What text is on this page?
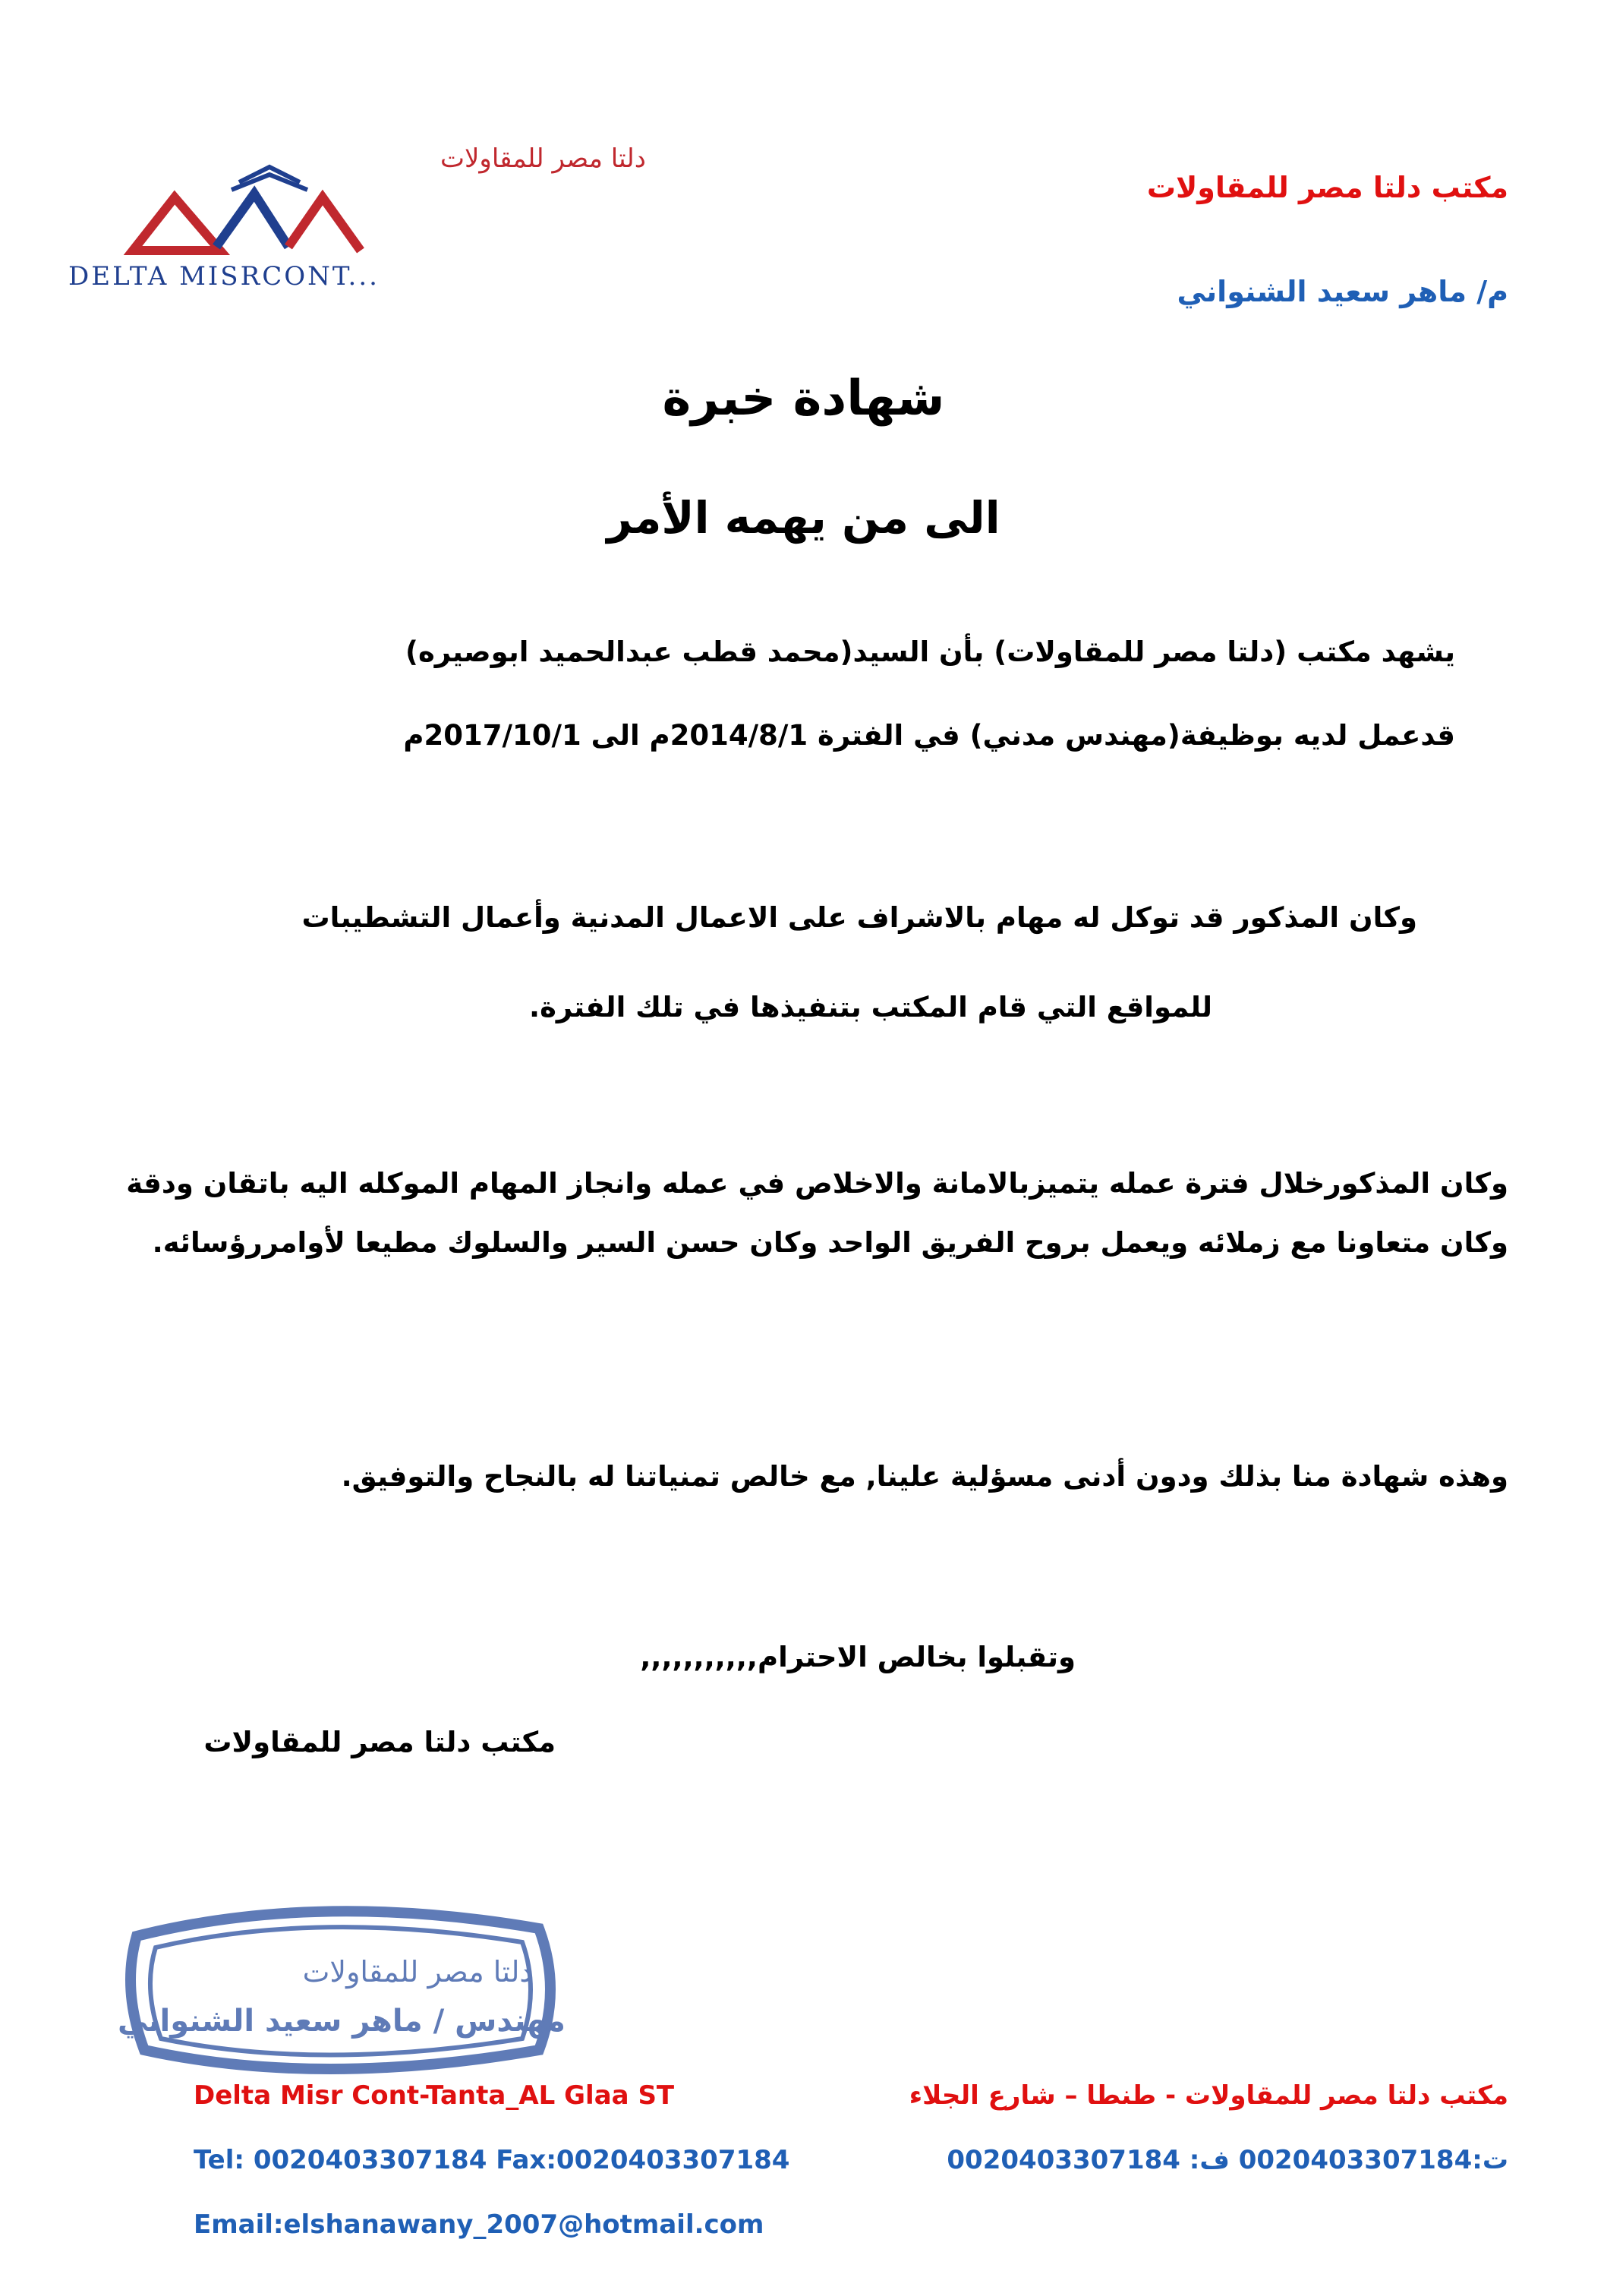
دلتا مصر للمقاولات
DELTA MISRCONT...
مكتب دلتا مصر للمقاولات
م/ ماهر سعيد الشنواني
شهادة خبرة
الى من يهمه الأمر
يشهد مكتب (دلتا مصر للمقاولات) بأن السيد(محمد قطب عبدالحميد ابوصيره)
قدعمل لديه بوظيفة(مهندس مدني) في الفترة 2014/8/1م الى 2017/10/1م
وكان المذكور قد توكل له مهام بالاشراف على الاعمال المدنية وأعمال التشطيبات
للمواقع التي قام المكتب بتنفيذها في تلك الفترة.
وكان المذكورخلال فترة عمله يتميزبالامانة والاخلاص في عمله وانجاز المهام الموكله اليه باتقان ودقة وكان متعاونا مع زملائه ويعمل بروح الفريق الواحد وكان حسن السير والسلوك مطيعا لأوامررؤسائه.
وهذه شهادة منا بذلك ودون أدنى مسؤلية علينا, مع خالص تمنياتنا له بالنجاح والتوفيق.
وتقبلوا بخالص الاحترام,,,,,,,,,,,
مكتب دلتا مصر للمقاولات
دلتا مصر للمقاولات
مهندس / ماهر سعيد الشنواني
مكتب دلتا مصر للمقاولات - طنطا – شارع الجلاء
ت:0020403307184 ف: 0020403307184
Delta Misr Cont-Tanta_AL Glaa ST
Tel: 0020403307184 Fax:0020403307184
Email:elshanawany_2007@hotmail.com
